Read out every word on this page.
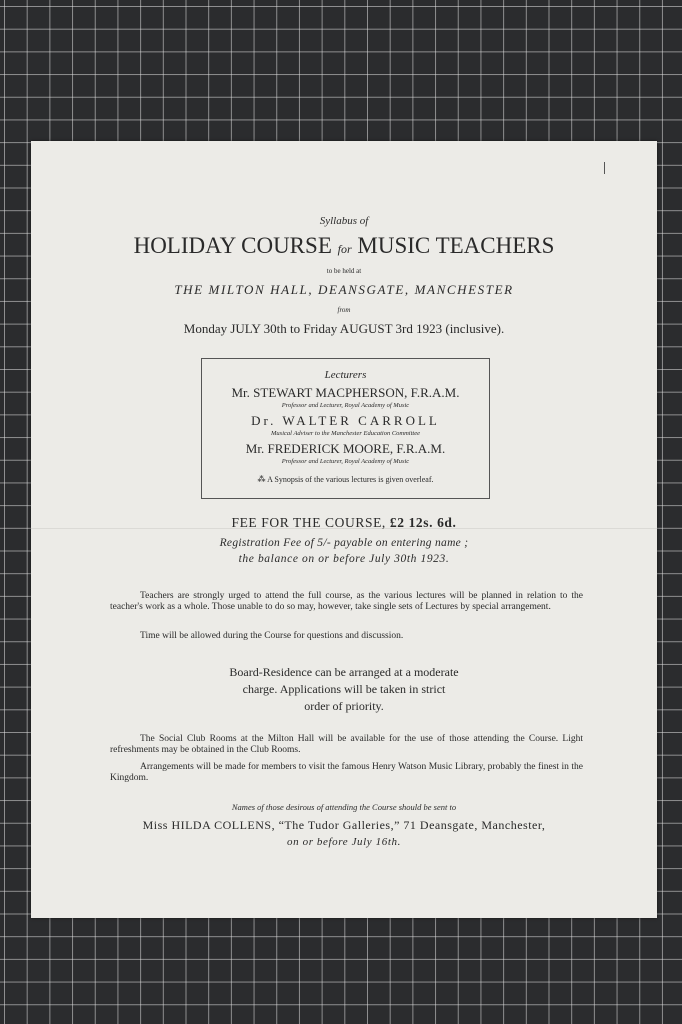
Syllabus of
HOLIDAY COURSE for MUSIC TEACHERS
to be held at
THE MILTON HALL, DEANSGATE, MANCHESTER
from
Monday JULY 30th to Friday AUGUST 3rd 1923 (inclusive).
Lecturers
Mr. STEWART MACPHERSON, F.R.A.M.
Professor and Lecturer, Royal Academy of Music
Dr. WALTER CARROLL
Musical Adviser to the Manchester Education Committee
Mr. FREDERICK MOORE, F.R.A.M.
Professor and Lecturer, Royal Academy of Music
⁂ A Synopsis of the various lectures is given overleaf.
FEE FOR THE COURSE, £2 12s. 6d.
Registration Fee of 5/- payable on entering name ;
the balance on or before July 30th 1923.
Teachers are strongly urged to attend the full course, as the various lectures will be planned in relation to the teacher's work as a whole. Those unable to do so may, however, take single sets of Lectures by special arrangement.
Time will be allowed during the Course for questions and discussion.
Board-Residence can be arranged at a moderate
charge. Applications will be taken in strict
order of priority.
The Social Club Rooms at the Milton Hall will be available for the use of those attending the Course. Light refreshments may be obtained in the Club Rooms.
Arrangements will be made for members to visit the famous Henry Watson Music Library, probably the finest in the Kingdom.
Names of those desirous of attending the Course should be sent to
Miss HILDA COLLENS, “The Tudor Galleries,” 71 Deansgate, Manchester,
on or before July 16th.
